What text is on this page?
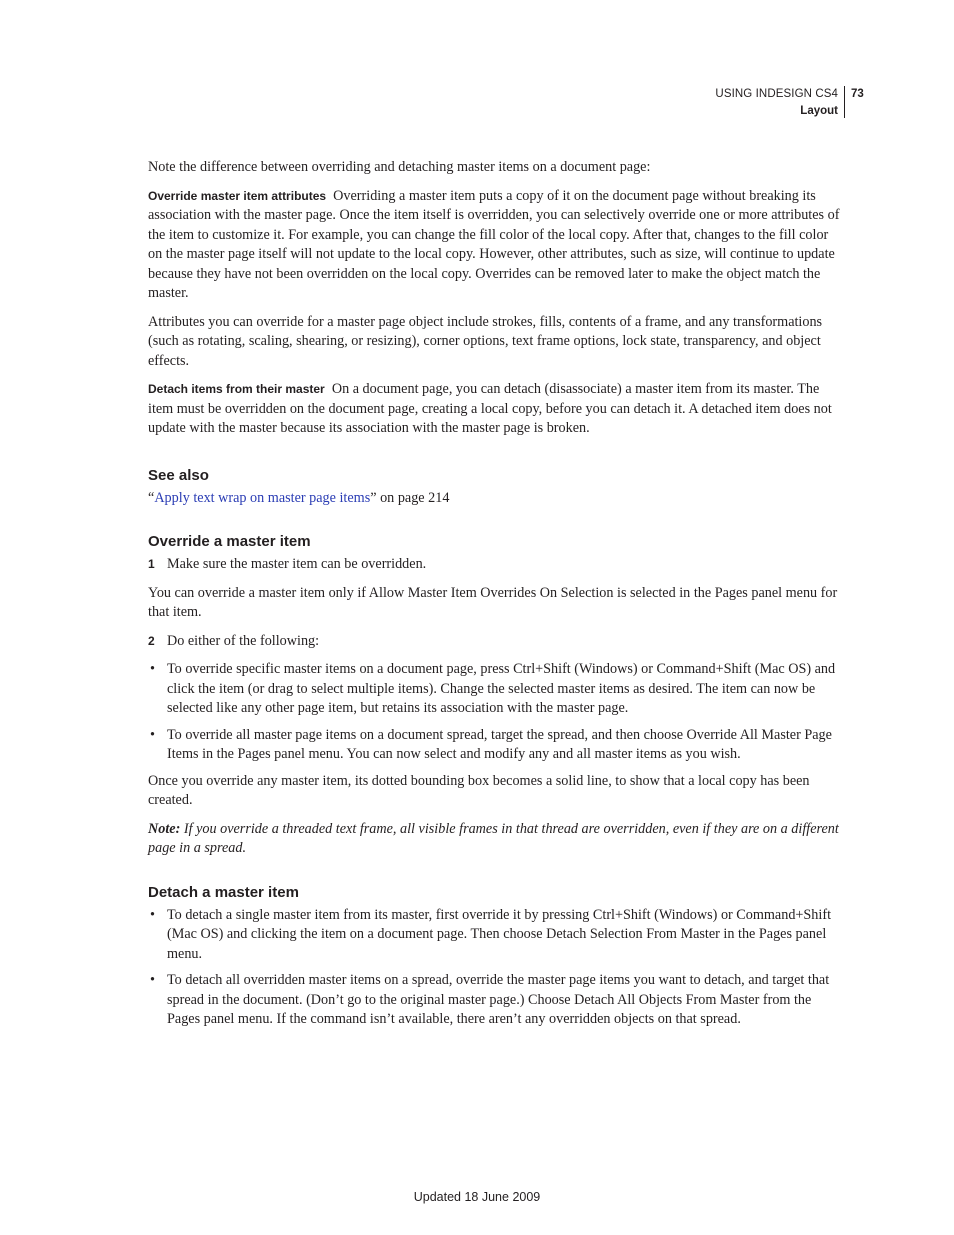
USING INDESIGN CS4
Layout
73

Note the difference between overriding and detaching master items on a document page:

Override master item attributes Overriding a master item puts a copy of it on the document page without breaking its association with the master page. Once the item itself is overridden, you can selectively override one or more attributes of the item to customize it. For example, you can change the fill color of the local copy. After that, changes to the fill color on the master page itself will not update to the local copy. However, other attributes, such as size, will continue to update because they have not been overridden on the local copy. Overrides can be removed later to make the object match the master.

Attributes you can override for a master page object include strokes, fills, contents of a frame, and any transformations (such as rotating, scaling, shearing, or resizing), corner options, text frame options, lock state, transparency, and object effects.

Detach items from their master On a document page, you can detach (disassociate) a master item from its master. The item must be overridden on the document page, creating a local copy, before you can detach it. A detached item does not update with the master because its association with the master page is broken.

See also

“Apply text wrap on master page items” on page 214

Override a master item
1 Make sure the master item can be overridden.

You can override a master item only if Allow Master Item Overrides On Selection is selected in the Pages panel menu for that item.

2 Do either of the following:
• To override specific master items on a document page, press Ctrl+Shift (Windows) or Command+Shift (Mac OS) and click the item (or drag to select multiple items). Change the selected master items as desired. The item can now be selected like any other page item, but retains its association with the master page.
• To override all master page items on a document spread, target the spread, and then choose Override All Master Page Items in the Pages panel menu. You can now select and modify any and all master items as you wish.

Once you override any master item, its dotted bounding box becomes a solid line, to show that a local copy has been created.

Note: If you override a threaded text frame, all visible frames in that thread are overridden, even if they are on a different page in a spread.

Detach a master item
• To detach a single master item from its master, first override it by pressing Ctrl+Shift (Windows) or Command+Shift (Mac OS) and clicking the item on a document page. Then choose Detach Selection From Master in the Pages panel menu.
• To detach all overridden master items on a spread, override the master page items you want to detach, and target that spread in the document. (Don’t go to the original master page.) Choose Detach All Objects From Master from the Pages panel menu. If the command isn’t available, there aren’t any overridden objects on that spread.
Updated 18 June 2009
